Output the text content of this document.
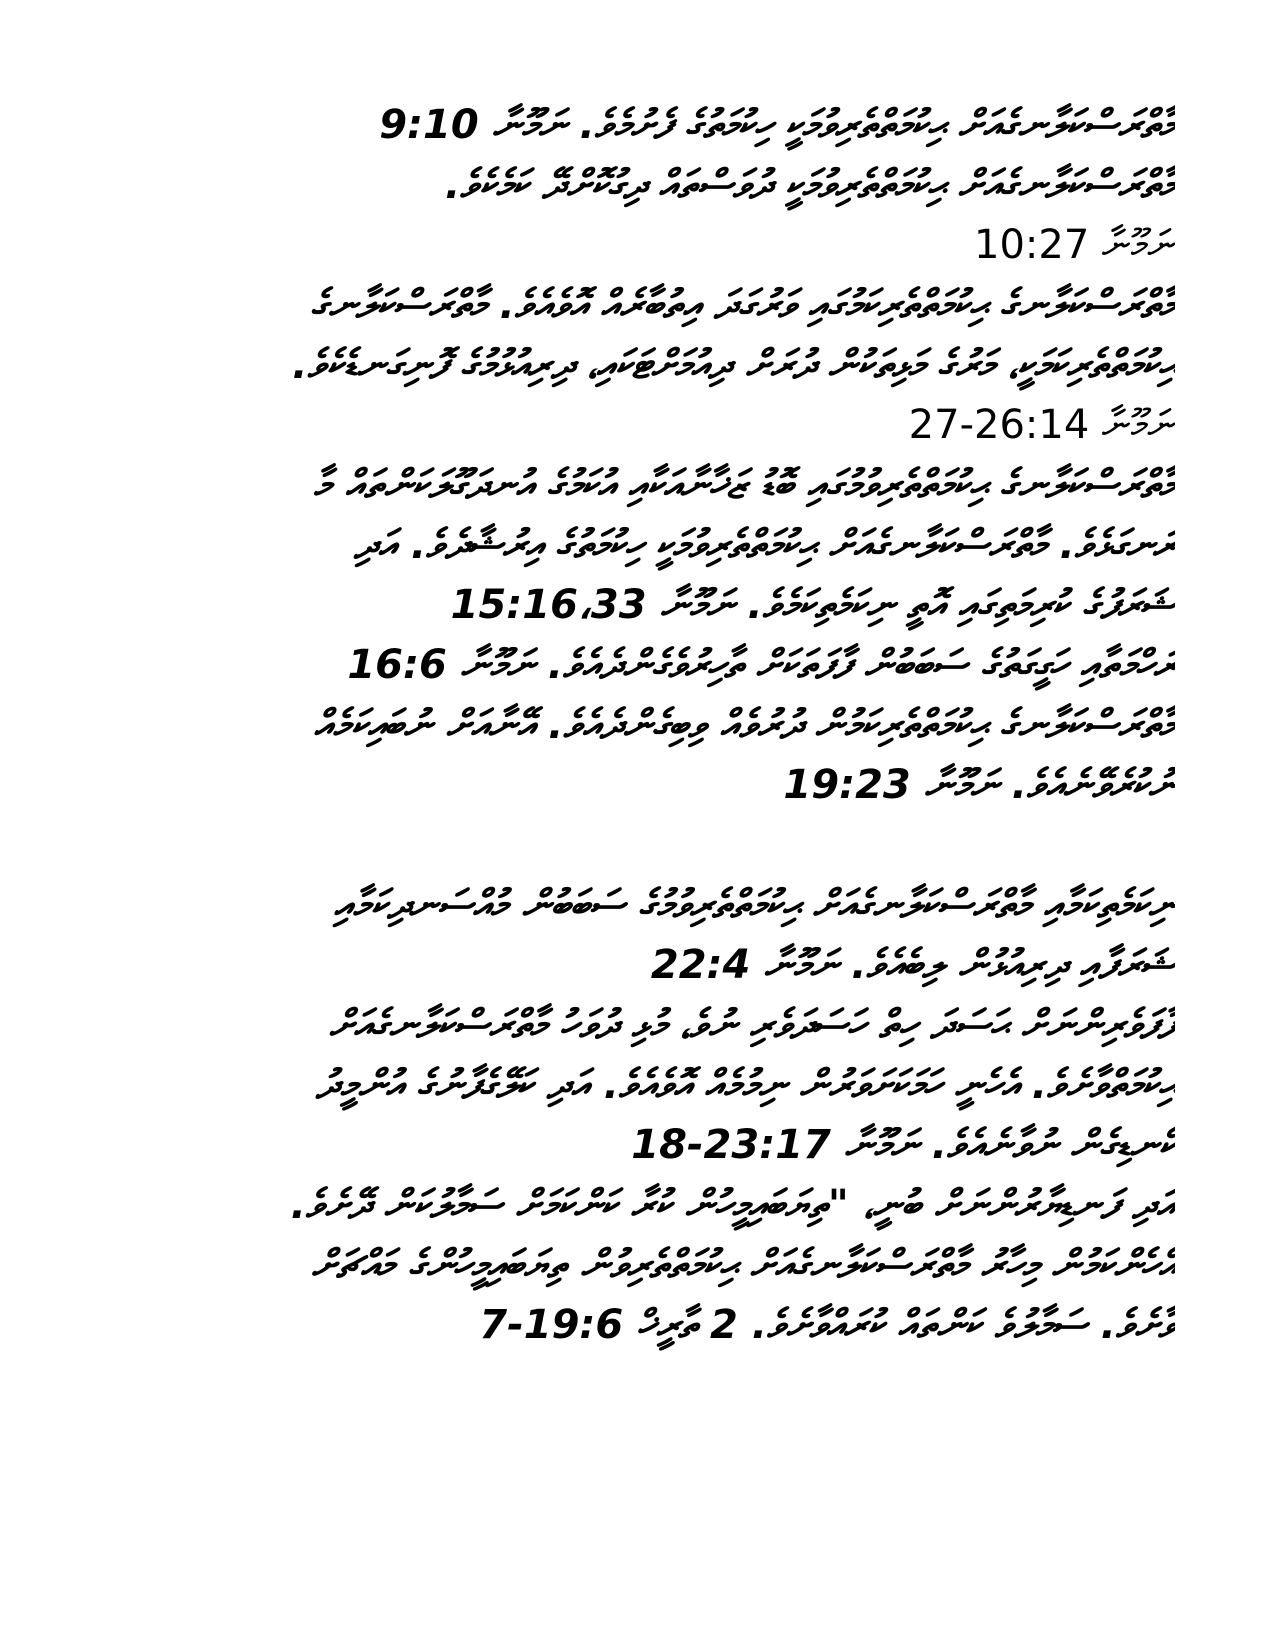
މާތްރަސްކަލާނގެއަށް ޙިކުމަތްތެރިވުމަކީ ހިކުމަތުގެ ފެށުމެވެ. ނަމޫނާ 9:10
މާތްރަސްކަލާނގެއަށް ޙިކުމަތްތެރިވުމަކީ ދުވަސްތައް ދިގުކޮށްދޭ ކަމެކެވެ.
ނަމޫނާ 10:27
މާތްރަސްކަލާނގެ ޙިކުމަތްތެރިކަމުގައި ވަރުގަދަ އިތުބާރެއް އޮވެއެވެ. މާތްރަސްކަލާނގެ
ޙިކުމަތްތެރިކަމަކީ، މަރުގެ މަޅިތަކުން ދުރަށް ދިއުމަށްޓަކައި، ދިރިއުޅުމުގެ ފޮނިގަނޑެކެވެ.
ނަމޫނާ 26:14-27
މާތްރަސްކަލާނގެ ޙިކުމަތްތެރިވުމުގައި ބޮޑު ޒަޚާނާއަކާއި އުކަމުގެ އުނދަގޫލަކަންތައް މާ
ރަނގަޅެވެ. މާތްރަސްކަލާނގެއަށް ޙިކުމަތްތެރިވުމަކީ ހިކުމަތުގެ އިރުޝާދެވެ. އަދި
ޝަރަފުގެ ކުރިމަތިގައި އޮތީ ނިކަމެތިކަމެވެ. ނަމޫނާ 15:16،33
ރަހްމަތާއި ހަގީގަތުގެ ސަބަބުން ފާފަތަކަށް ތާހިރުވެގެންދެއެވެ. ނަމޫނާ 16:6
މާތްރަސްކަލާނގެ ޙިކުމަތްތެރިކަމުން ދުރުވެއް ވިބިގެންދެއެވެ. އޭނާއަށް ނުބައިކަމެއް
ނުކުރެވޭނެއެވެ. ނަމޫނާ 19:23
ނިކަމެތިކަމާއި މާތްރަސްކަލާނގެއަށް ޙިކުމަތްތެރިވުމުގެ ސަބަބުން މުއްސަނދިކަމާއި
ޝަރަފާއި ދިރިއުޅުން ލިބެއެވެ. ނަމޫނާ 22:4
ފާފަވެރިންނަށް ޙަސަދަ ހިތް ހަސަދަވެރި ނުވެ، މުޅި ދުވަހު މާތްރަސްކަލާނގެއަށް
ޙިކުމަތްވާށެވެ. އެހެނީ ހަމަކަށަވަރުން ނިމުމެއް އޮވެއެވެ. އަދި ކަލޭގެފާނުގެ އުންމީދު
ކެނޑިގެން ނުވާނެއެވެ. ނަމޫނާ 23:17-18
އަދި ފަނޑިޔާރުންނަށް ބުނީ، "ތިޔަބައިމީހުން ކުރާ ކަންކަމަށް ސަމާލުކަން ދޭށެވެ.
އެހެންކަމުން މިހާރު މާތްރަސްކަލާނގެއަށް ޙިކުމަތްތެރިވުން ތިޔަބައިމީހުންގެ މައްޗަށް
ވާށެވެ. ސަމާލުވެ ކަންތައް ކުރައްވާށެވެ. 2 ތާރީޚް 19:6-7
